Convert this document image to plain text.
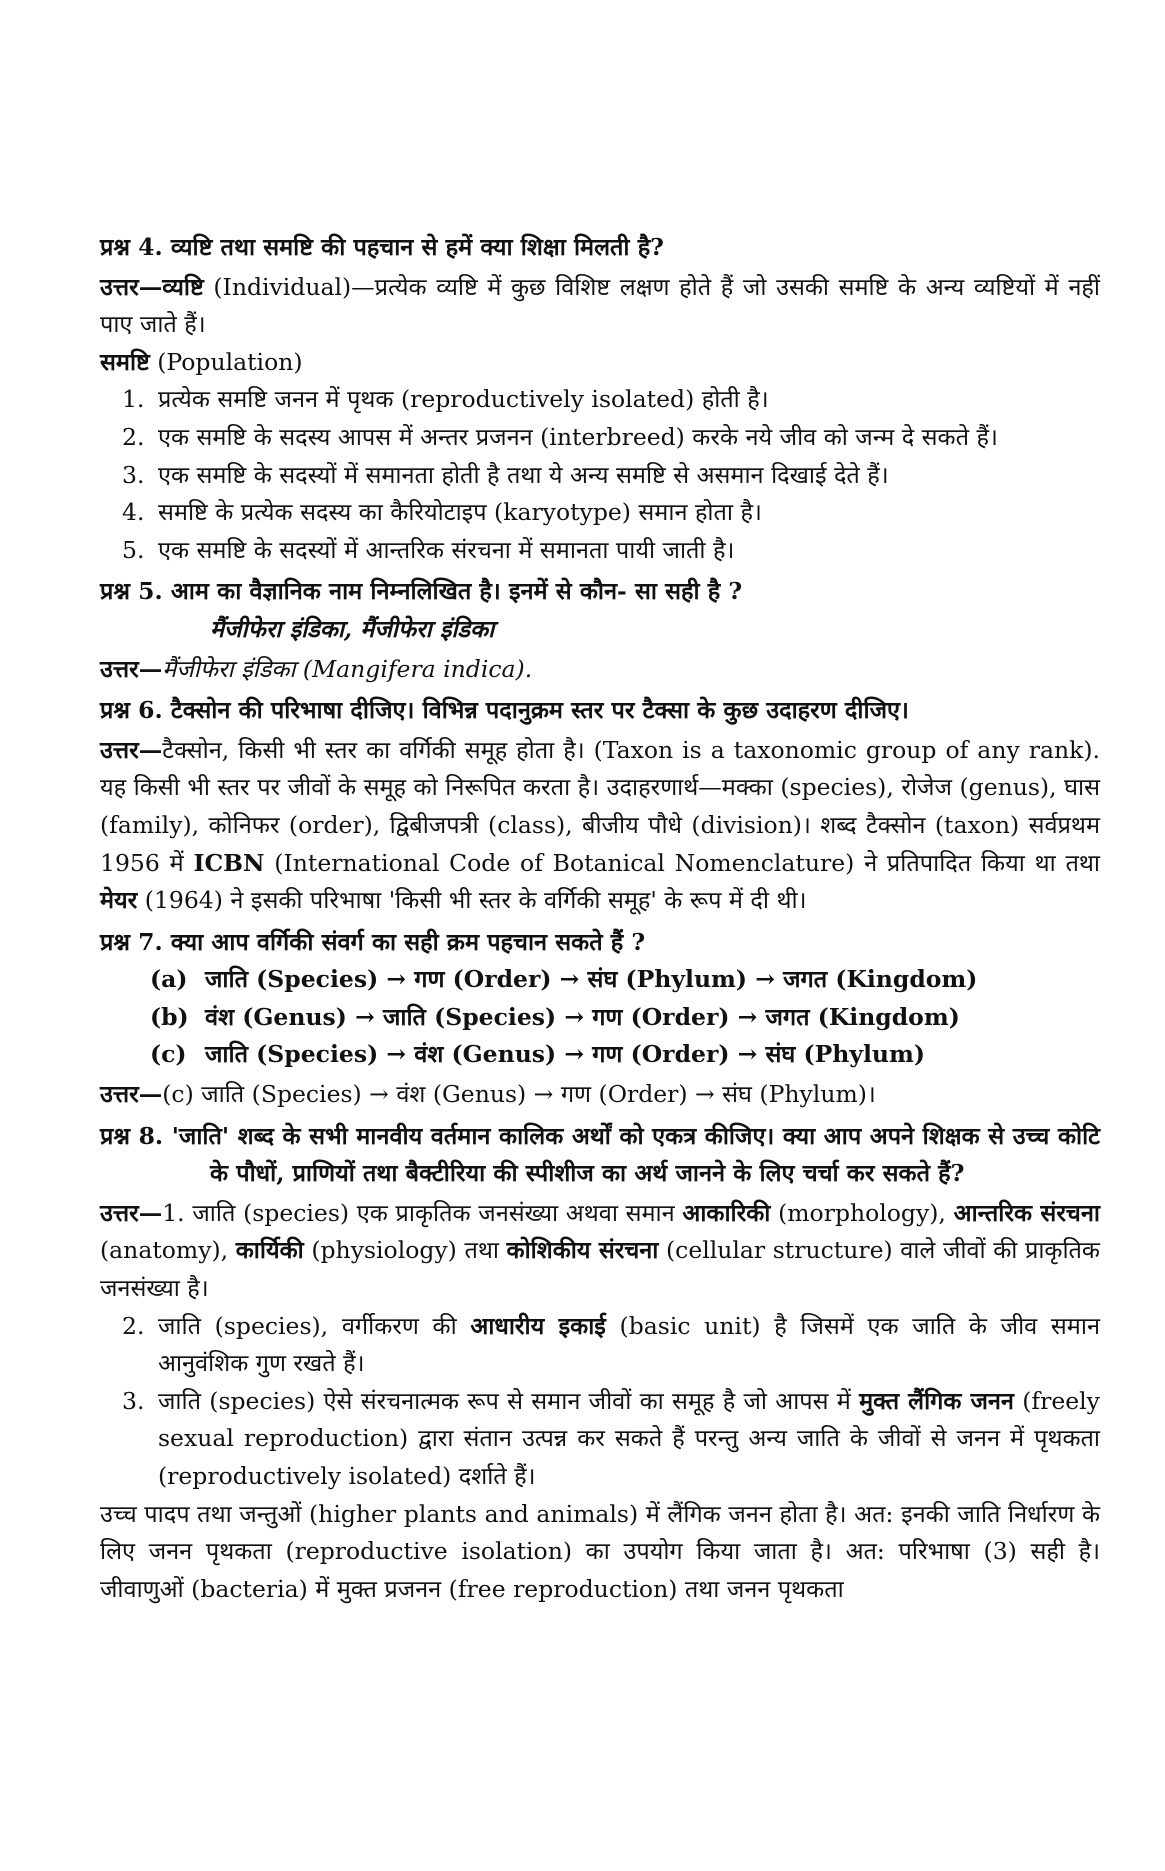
प्रश्न 4. व्यष्टि तथा समष्टि की पहचान से हमें क्या शिक्षा मिलती है?
उत्तर—व्यष्टि (Individual)—प्रत्येक व्यष्टि में कुछ विशिष्ट लक्षण होते हैं जो उसकी समष्टि के अन्य व्यष्टियों में नहीं पाए जाते हैं।
समष्टि (Population)
1. प्रत्येक समष्टि जनन में पृथक (reproductively isolated) होती है।
2. एक समष्टि के सदस्य आपस में अन्तर प्रजनन (interbreed) करके नये जीव को जन्म दे सकते हैं।
3. एक समष्टि के सदस्यों में समानता होती है तथा ये अन्य समष्टि से असमान दिखाई देते हैं।
4. समष्टि के प्रत्येक सदस्य का कैरियोटाइप (karyotype) समान होता है।
5. एक समष्टि के सदस्यों में आन्तरिक संरचना में समानता पायी जाती है।
प्रश्न 5. आम का वैज्ञानिक नाम निम्नलिखित है। इनमें से कौन- सा सही है ?
मैंजीफेरा इंडिका, मैंजीफेरा इंडिका
उत्तर—मैंजीफेरा इंडिका (Mangifera indica).
प्रश्न 6. टैक्सोन की परिभाषा दीजिए। विभिन्न पदानुक्रम स्तर पर टैक्सा के कुछ उदाहरण दीजिए।
उत्तर—टैक्सोन, किसी भी स्तर का वर्गिकी समूह होता है। (Taxon is a taxonomic group of any rank). यह किसी भी स्तर पर जीवों के समूह को निरूपित करता है। उदाहरणार्थ—मक्का (species), रोजेज (genus), घास (family), कोनिफर (order), द्विबीजपत्री (class), बीजीय पौधे (division)। शब्द टैक्सोन (taxon) सर्वप्रथम 1956 में ICBN (International Code of Botanical Nomenclature) ने प्रतिपादित किया था तथा मेयर (1964) ने इसकी परिभाषा 'किसी भी स्तर के वर्गिकी समूह' के रूप में दी थी।
प्रश्न 7. क्या आप वर्गिकी संवर्ग का सही क्रम पहचान सकते हैं ?
(a) जाति (Species) → गण (Order) → संघ (Phylum) → जगत (Kingdom)
(b) वंश (Genus) → जाति (Species) → गण (Order) → जगत (Kingdom)
(c) जाति (Species) → वंश (Genus) → गण (Order) → संघ (Phylum)
उत्तर—(c) जाति (Species) → वंश (Genus) → गण (Order) → संघ (Phylum)।
प्रश्न 8. 'जाति' शब्द के सभी मानवीय वर्तमान कालिक अर्थों को एकत्र कीजिए। क्या आप अपने शिक्षक से उच्च कोटि के पौधों, प्राणियों तथा बैक्टीरिया की स्पीशीज का अर्थ जानने के लिए चर्चा कर सकते हैं?
उत्तर—1. जाति (species) एक प्राकृतिक जनसंख्या अथवा समान आकारिकी (morphology), आन्तरिक संरचना (anatomy), कार्यिकी (physiology) तथा कोशिकीय संरचना (cellular structure) वाले जीवों की प्राकृतिक जनसंख्या है।
2. जाति (species), वर्गीकरण की आधारीय इकाई (basic unit) है जिसमें एक जाति के जीव समान आनुवंशिक गुण रखते हैं।
3. जाति (species) ऐसे संरचनात्मक रूप से समान जीवों का समूह है जो आपस में मुक्त लैंगिक जनन (freely sexual reproduction) द्वारा संतान उत्पन्न कर सकते हैं परन्तु अन्य जाति के जीवों से जनन में पृथकता (reproductively isolated) दर्शाते हैं।
उच्च पादप तथा जन्तुओं (higher plants and animals) में लैंगिक जनन होता है। अत: इनकी जाति निर्धारण के लिए जनन पृथकता (reproductive isolation) का उपयोग किया जाता है। अत: परिभाषा (3) सही है। जीवाणुओं (bacteria) में मुक्त प्रजनन (free reproduction) तथा जनन पृथकता
